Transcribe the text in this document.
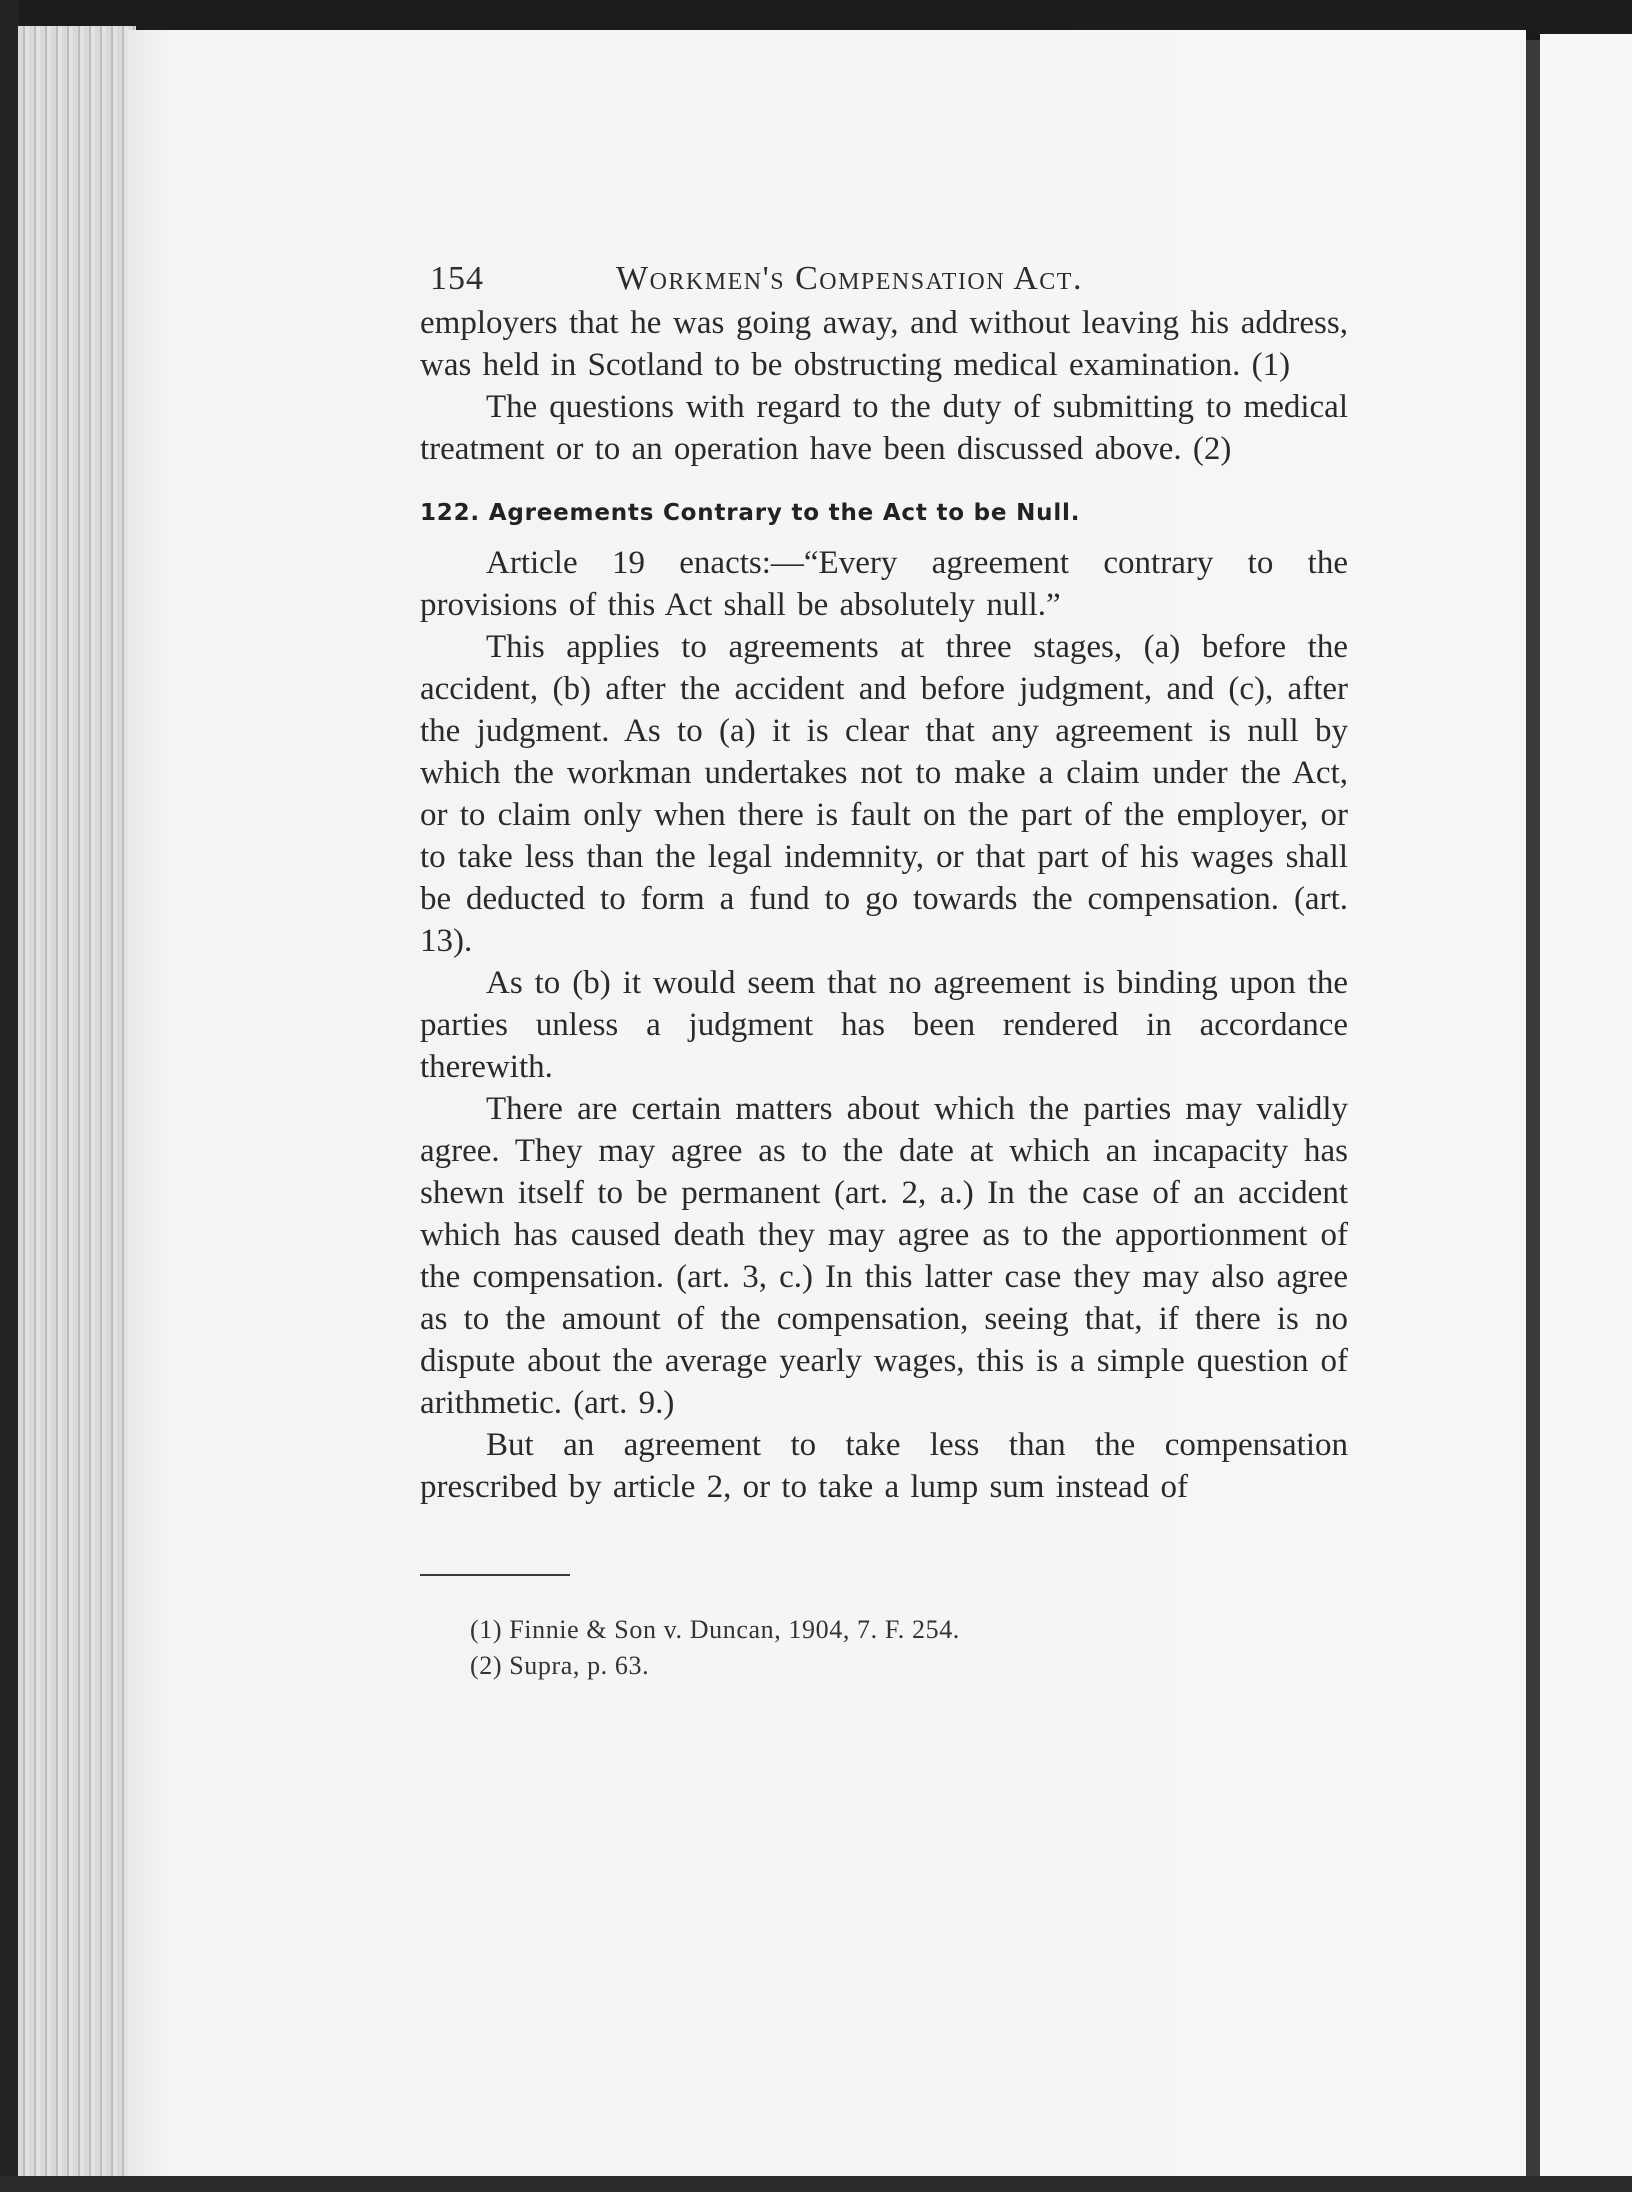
154	Workmen's Compensation Act.

employers that he was going away, and without leaving his address, was held in Scotland to be obstructing medical examination. (1)

The questions with regard to the duty of submitting to medical treatment or to an operation have been discussed above. (2)

122. Agreements Contrary to the Act to be Null.

Article 19 enacts:—“Every agreement contrary to the provisions of this Act shall be absolutely null.”

This applies to agreements at three stages, (a) before the accident, (b) after the accident and before judgment, and (c), after the judgment. As to (a) it is clear that any agreement is null by which the workman undertakes not to make a claim under the Act, or to claim only when there is fault on the part of the employer, or to take less than the legal indemnity, or that part of his wages shall be deducted to form a fund to go towards the compensation. (art. 13).

As to (b) it would seem that no agreement is binding upon the parties unless a judgment has been rendered in accordance therewith.

There are certain matters about which the parties may validly agree. They may agree as to the date at which an incapacity has shewn itself to be permanent (art. 2, a.) In the case of an accident which has caused death they may agree as to the apportionment of the compensation. (art. 3, c.) In this latter case they may also agree as to the amount of the compensation, seeing that, if there is no dispute about the average yearly wages, this is a simple question of arithmetic. (art. 9.)

But an agreement to take less than the compensation prescribed by article 2, or to take a lump sum instead of

(1) Finnie & Son v. Duncan, 1904, 7. F. 254.
(2) Supra, p. 63.
